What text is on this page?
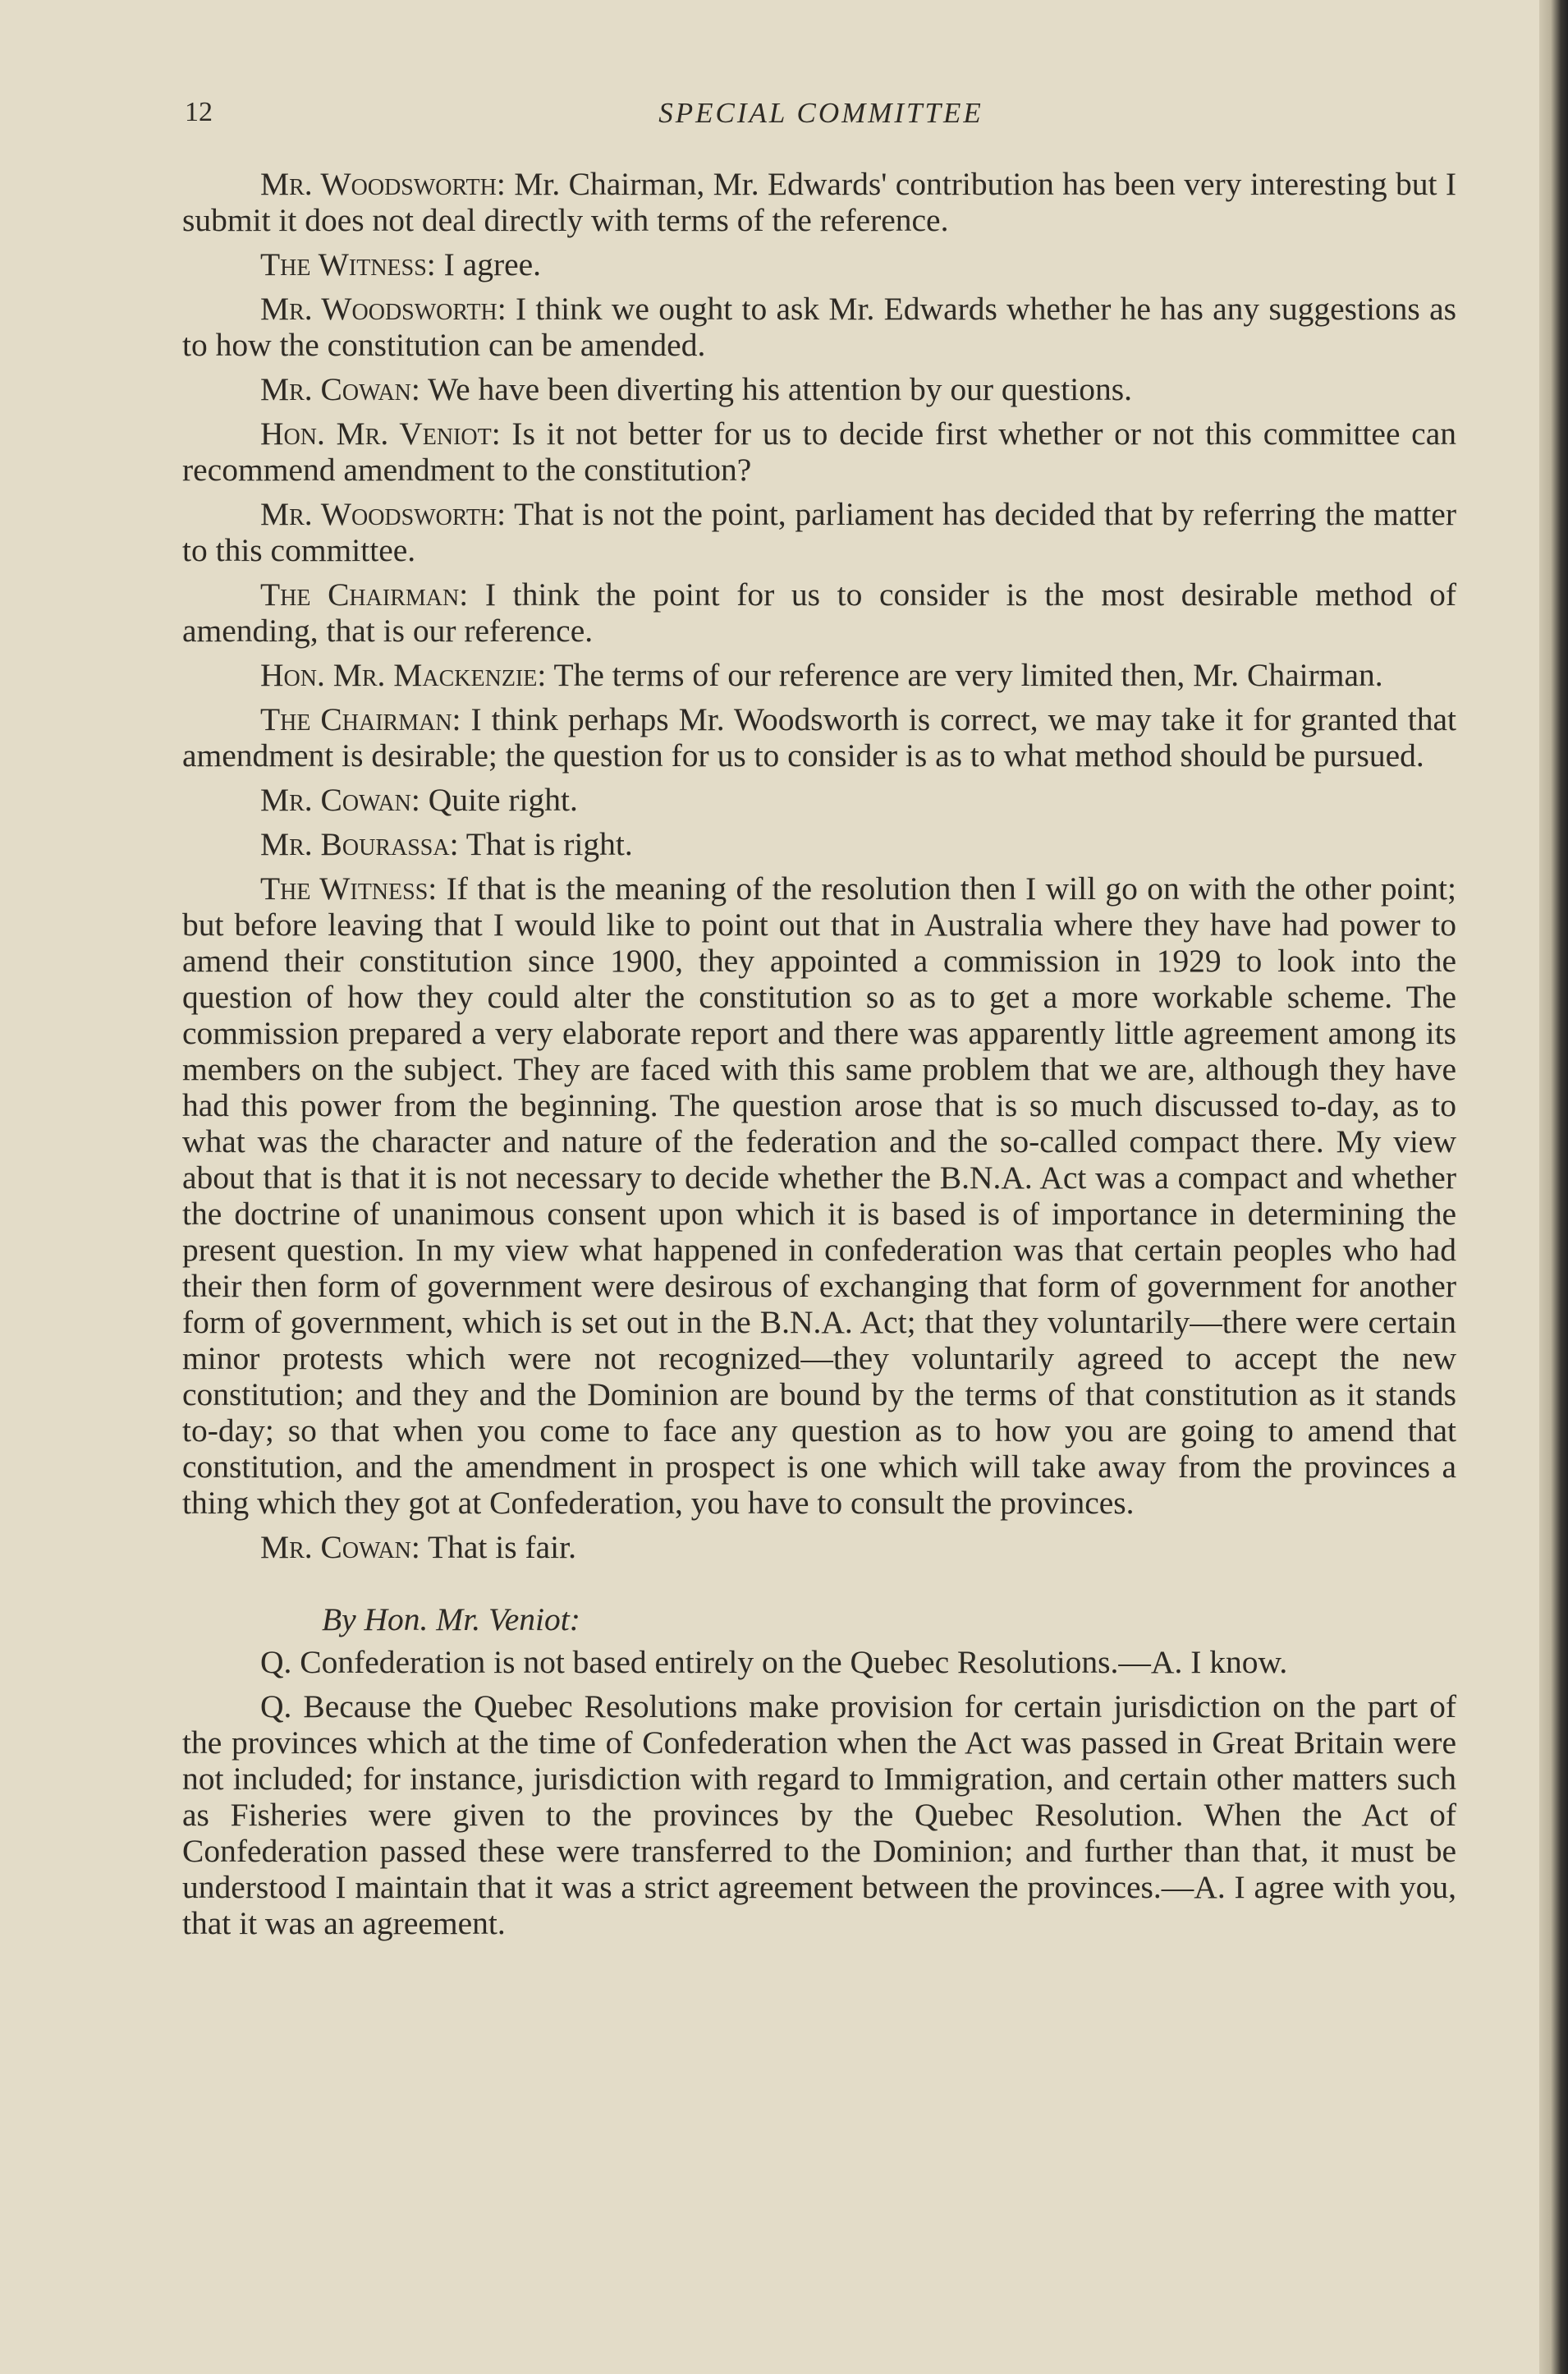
12	SPECIAL COMMITTEE

Mr. Woodsworth: Mr. Chairman, Mr. Edwards' contribution has been very interesting but I submit it does not deal directly with terms of the reference.

The Witness: I agree.

Mr. Woodsworth: I think we ought to ask Mr. Edwards whether he has any suggestions as to how the constitution can be amended.

Mr. Cowan: We have been diverting his attention by our questions.

Hon. Mr. Veniot: Is it not better for us to decide first whether or not this committee can recommend amendment to the constitution?

Mr. Woodsworth: That is not the point, parliament has decided that by referring the matter to this committee.

The Chairman: I think the point for us to consider is the most desirable method of amending, that is our reference.

Hon. Mr. Mackenzie: The terms of our reference are very limited then, Mr. Chairman.

The Chairman: I think perhaps Mr. Woodsworth is correct, we may take it for granted that amendment is desirable; the question for us to consider is as to what method should be pursued.

Mr. Cowan: Quite right.

Mr. Bourassa: That is right.

The Witness: If that is the meaning of the resolution then I will go on with the other point; but before leaving that I would like to point out that in Australia where they have had power to amend their constitution since 1900, they appointed a commission in 1929 to look into the question of how they could alter the constitution so as to get a more workable scheme. The commission prepared a very elaborate report and there was apparently little agreement among its members on the subject. They are faced with this same problem that we are, although they have had this power from the beginning. The question arose that is so much discussed to-day, as to what was the character and nature of the federation and the so-called compact there. My view about that is that it is not necessary to decide whether the B.N.A. Act was a compact and whether the doctrine of unanimous consent upon which it is based is of importance in determining the present question. In my view what happened in confederation was that certain peoples who had their then form of government were desirous of exchanging that form of government for another form of government, which is set out in the B.N.A. Act; that they voluntarily—there were certain minor protests which were not recognized—they voluntarily agreed to accept the new constitution; and they and the Dominion are bound by the terms of that constitution as it stands to-day; so that when you come to face any question as to how you are going to amend that constitution, and the amendment in prospect is one which will take away from the provinces a thing which they got at Confederation, you have to consult the provinces.

Mr. Cowan: That is fair.

By Hon. Mr. Veniot:

Q. Confederation is not based entirely on the Quebec Resolutions.—A. I know.

Q. Because the Quebec Resolutions make provision for certain jurisdiction on the part of the provinces which at the time of Confederation when the Act was passed in Great Britain were not included; for instance, jurisdiction with regard to Immigration, and certain other matters such as Fisheries were given to the provinces by the Quebec Resolution. When the Act of Confederation passed these were transferred to the Dominion; and further than that, it must be understood I maintain that it was a strict agreement between the provinces.—A. I agree with you, that it was an agreement.
